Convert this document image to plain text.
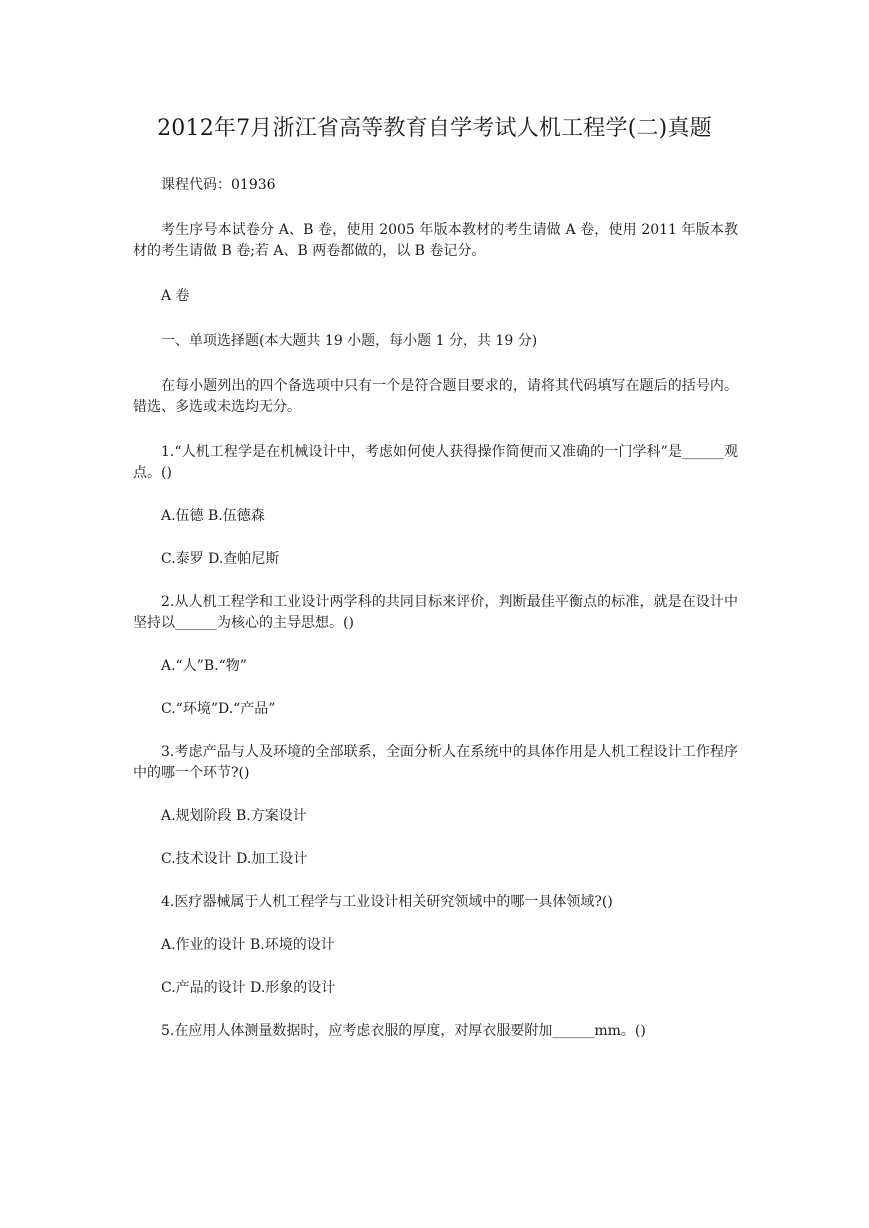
2012年7月浙江省高等教育自学考试人机工程学(二)真题

课程代码：01936

考生序号本试卷分 A、B 卷，使用 2005 年版本教材的考生请做 A 卷，使用 2011 年版本教材的考生请做 B 卷;若 A、B 两卷都做的，以 B 卷记分。

A 卷

一、单项选择题(本大题共 19 小题，每小题 1 分，共 19 分)

在每小题列出的四个备选项中只有一个是符合题目要求的，请将其代码填写在题后的括号内。错选、多选或未选均无分。

1.“人机工程学是在机械设计中，考虑如何使人获得操作简便而又准确的一门学科”是______观点。()

A.伍德 B.伍德森

C.泰罗 D.查帕尼斯

2.从人机工程学和工业设计两学科的共同目标来评价，判断最佳平衡点的标准，就是在设计中坚持以______为核心的主导思想。()

A.“人”B.“物”

C.“环境”D.“产品”

3.考虑产品与人及环境的全部联系，全面分析人在系统中的具体作用是人机工程设计工作程序中的哪一个环节?()

A.规划阶段 B.方案设计

C.技术设计 D.加工设计

4.医疗器械属于人机工程学与工业设计相关研究领域中的哪一具体领域?()

A.作业的设计 B.环境的设计

C.产品的设计 D.形象的设计

5.在应用人体测量数据时，应考虑衣服的厚度，对厚衣服要附加______mm。()
